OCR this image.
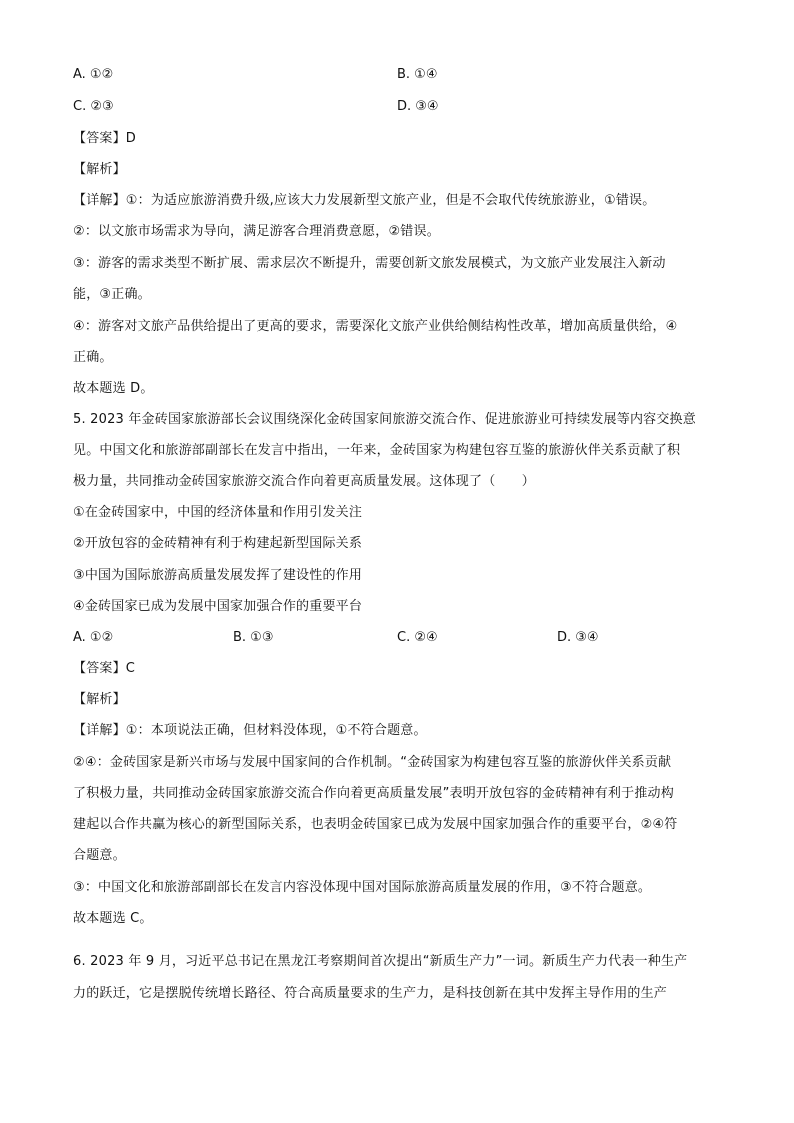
A. ①②	B. ①④
C. ②③	D. ③④
【答案】D
【解析】
【详解】①：为适应旅游消费升级,应该大力发展新型文旅产业，但是不会取代传统旅游业，①错误。
②：以文旅市场需求为导向，满足游客合理消费意愿，②错误。
③：游客的需求类型不断扩展、需求层次不断提升，需要创新文旅发展模式，为文旅产业发展注入新动
能，③正确。
④：游客对文旅产品供给提出了更高的要求，需要深化文旅产业供给侧结构性改革，增加高质量供给，④
正确。
故本题选 D。
5. 2023 年金砖国家旅游部长会议围绕深化金砖国家间旅游交流合作、促进旅游业可持续发展等内容交换意
见。中国文化和旅游部副部长在发言中指出，一年来，金砖国家为构建包容互鉴的旅游伙伴关系贡献了积
极力量，共同推动金砖国家旅游交流合作向着更高质量发展。这体现了（　　）
①在金砖国家中，中国的经济体量和作用引发关注
②开放包容的金砖精神有利于构建起新型国际关系
③中国为国际旅游高质量发展发挥了建设性的作用
④金砖国家已成为发展中国家加强合作的重要平台
A. ①②	B. ①③	C. ②④	D. ③④
【答案】C
【解析】
【详解】①：本项说法正确，但材料没体现，①不符合题意。
②④：金砖国家是新兴市场与发展中国家间的合作机制。“金砖国家为构建包容互鉴的旅游伙伴关系贡献
了积极力量，共同推动金砖国家旅游交流合作向着更高质量发展”表明开放包容的金砖精神有利于推动构
建起以合作共赢为核心的新型国际关系，也表明金砖国家已成为发展中国家加强合作的重要平台，②④符
合题意。
③：中国文化和旅游部副部长在发言内容没体现中国对国际旅游高质量发展的作用，③不符合题意。
故本题选 C。
6. 2023 年 9 月，习近平总书记在黑龙江考察期间首次提出“新质生产力”一词。新质生产力代表一种生产
力的跃迁，它是摆脱传统增长路径、符合高质量要求的生产力，是科技创新在其中发挥主导作用的生产
